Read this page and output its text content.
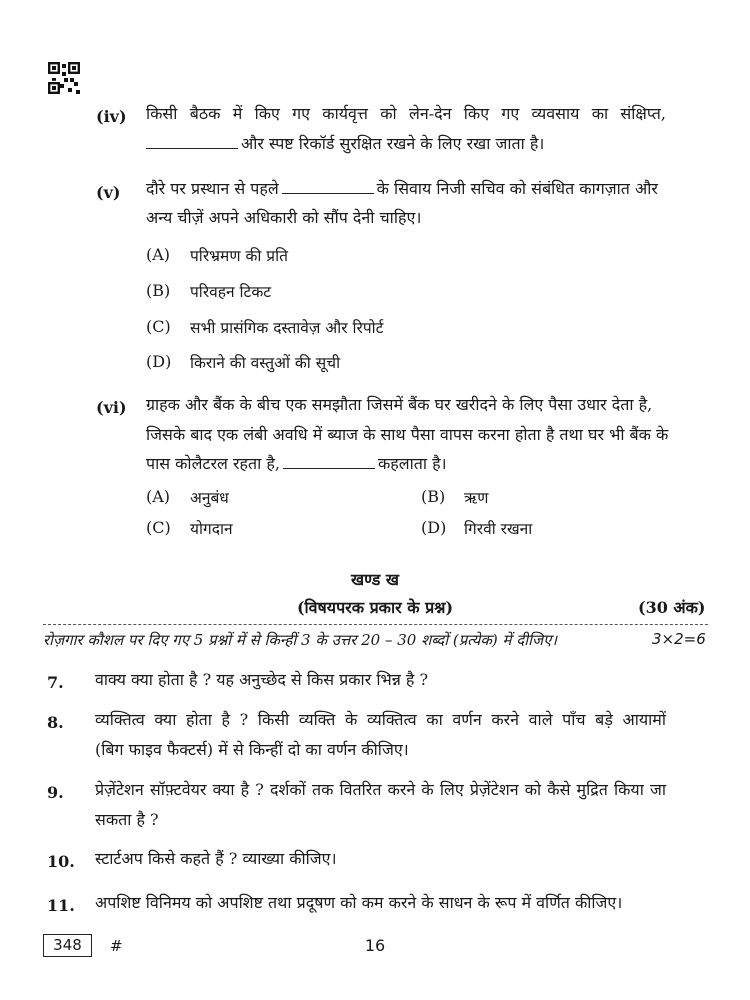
(iv) किसी बैठक में किए गए कार्यवृत्त को लेन-देन किए गए व्यवसाय का संक्षिप्त,
और स्पष्ट रिकॉर्ड सुरक्षित रखने के लिए रखा जाता है।
(v) दौरे पर प्रस्थान से पहले	के सिवाय निजी सचिव को संबंधित कागज़ात और
अन्य चीज़ें अपने अधिकारी को सौंप देनी चाहिए।
(A) परिभ्रमण की प्रति
(B) परिवहन टिकट
(C) सभी प्रासंगिक दस्तावेज़ और रिपोर्ट
(D) किराने की वस्तुओं की सूची
(vi) ग्राहक और बैंक के बीच एक समझौता जिसमें बैंक घर खरीदने के लिए पैसा उधार देता है,
जिसके बाद एक लंबी अवधि में ब्याज के साथ पैसा वापस करना होता है तथा घर भी बैंक के
पास कोलैटरल रहता है,	कहलाता है।
(A) अनुबंध	(B) ऋण
(C) योगदान	(D) गिरवी रखना
खण्ड ख
(विषयपरक प्रकार के प्रश्न)	(30 अंक)
रोज़गार कौशल पर दिए गए 5 प्रश्नों में से किन्हीं 3 के उत्तर 20 – 30 शब्दों (प्रत्येक) में दीजिए।	3×2=6
7. वाक्य क्या होता है ? यह अनुच्छेद से किस प्रकार भिन्न है ?
8. व्यक्तित्व क्या होता है ? किसी व्यक्ति के व्यक्तित्व का वर्णन करने वाले पाँच बड़े आयामों
(बिग फाइव फैक्टर्स) में से किन्हीं दो का वर्णन कीजिए।
9. प्रेज़ेंटेशन सॉफ़्टवेयर क्या है ? दर्शकों तक वितरित करने के लिए प्रेज़ेंटेशन को कैसे मुद्रित किया जा
सकता है ?
10. स्टार्टअप किसे कहते हैं ? व्याख्या कीजिए।
11. अपशिष्ट विनिमय को अपशिष्ट तथा प्रदूषण को कम करने के साधन के रूप में वर्णित कीजिए।
348	#	16
